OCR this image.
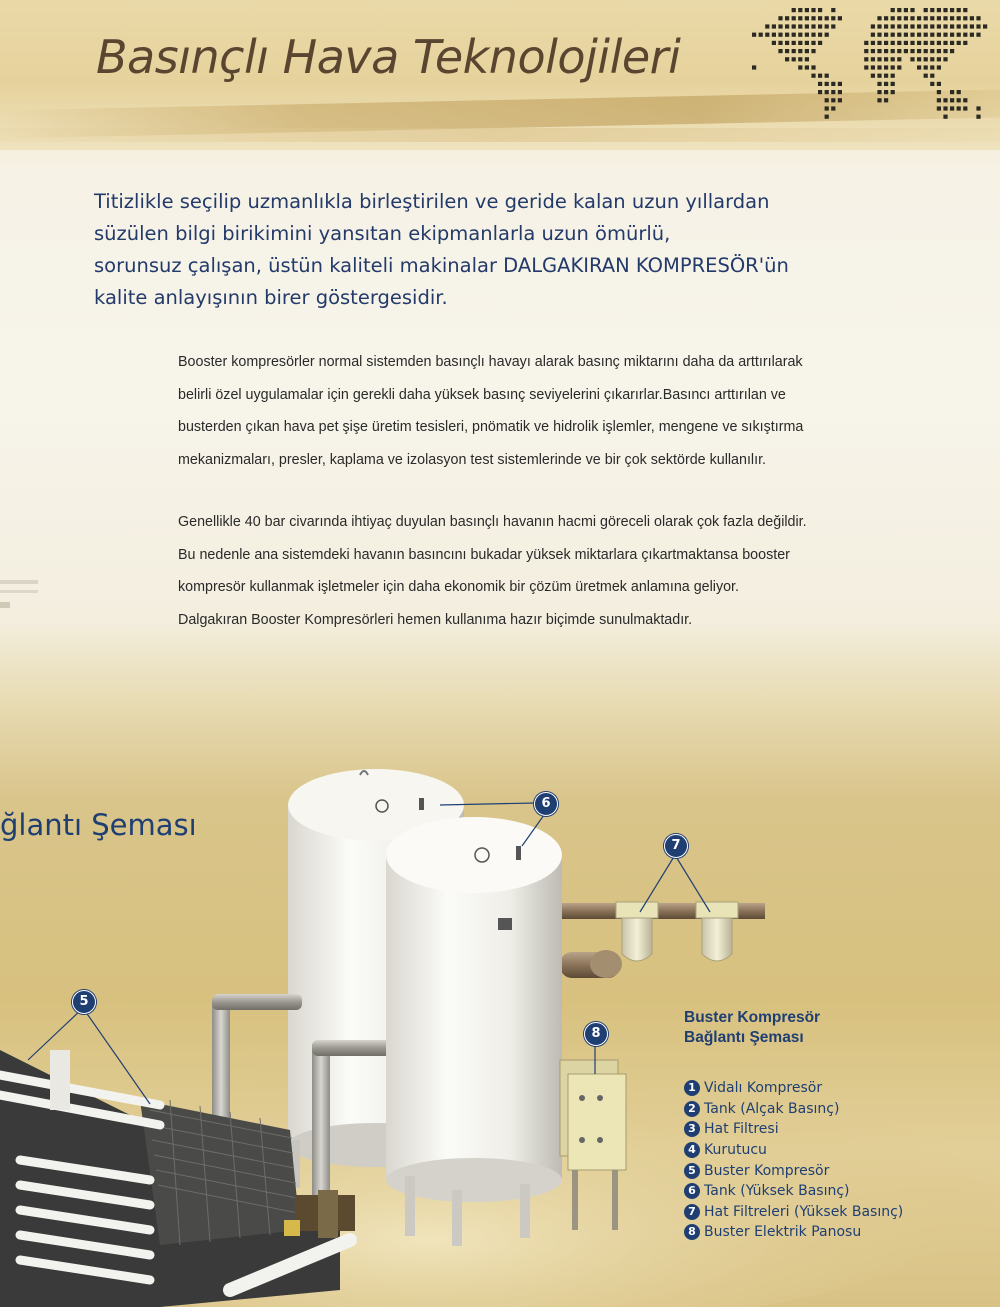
Basınçlı Hava Teknolojileri
Titizlikle seçilip uzmanlıkla birleştirilen ve geride kalan uzun yıllardan
süzülen bilgi birikimini yansıtan ekipmanlarla uzun ömürlü,
sorunsuz çalışan, üstün kaliteli makinalar DALGAKIRAN KOMPRESÖR'ün
kalite anlayışının birer göstergesidir.
Booster kompresörler normal sistemden basınçlı havayı alarak basınç miktarını daha da arttırılarak
belirli özel uygulamalar için gerekli daha yüksek basınç seviyelerini çıkarırlar.Basıncı arttırılan ve
busterden çıkan hava pet şişe üretim tesisleri, pnömatik ve hidrolik işlemler, mengene ve sıkıştırma
mekanizmaları, presler, kaplama ve izolasyon test sistemlerinde ve bir çok sektörde kullanılır.
Genellikle 40 bar civarında ihtiyaç duyulan basınçlı havanın hacmi göreceli olarak çok fazla değildir.
Bu nedenle ana sistemdeki havanın basıncını bukadar yüksek miktarlara çıkartmaktansa booster
kompresör kullanmak işletmeler için daha ekonomik bir çözüm üretmek anlamına geliyor.
Dalgakıran Booster Kompresörleri hemen kullanıma hazır biçimde sunulmaktadır.
ğlantı Şeması
6
7
5
8

Buster Kompresör

Bağlantı Şeması

1 Vidalı Kompresör
2 Tank (Alçak Basınç)
3 Hat Filtresi
4 Kurutucu
5 Buster Kompresör
6 Tank (Yüksek Basınç)
7 Hat Filtreleri (Yüksek Basınç)
8 Buster Elektrik Panosu
